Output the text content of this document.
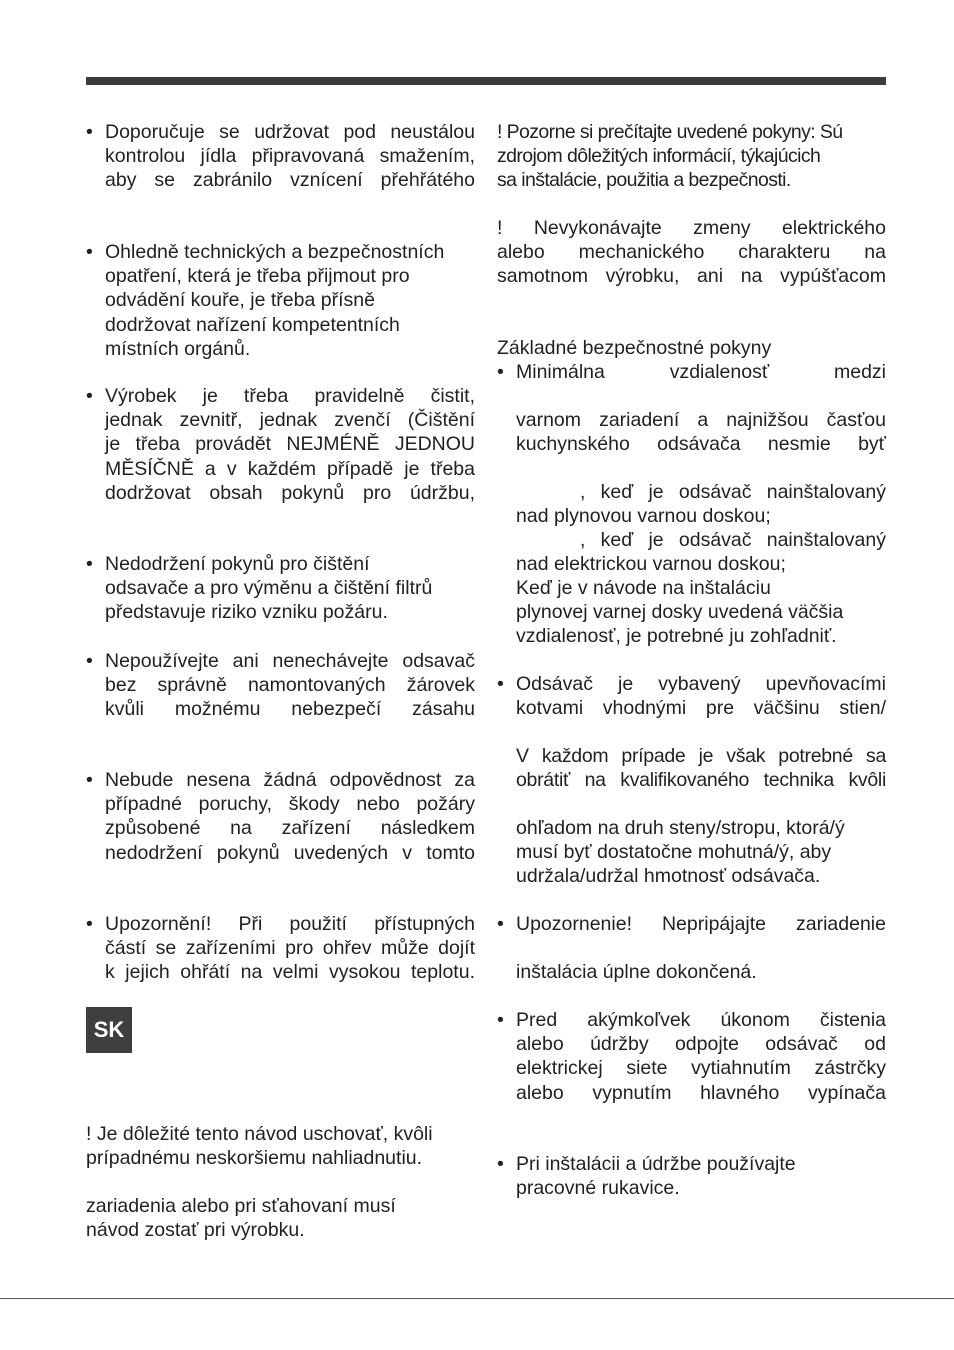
• Doporučuje se udržovat pod neustálou
kontrolou jídla připravovaná smažením,
aby se zabránilo vznícení přehřátého
• Ohledně technických a bezpečnostních
opatření, která je třeba přijmout pro
odvádění kouře, je třeba přísně
dodržovat nařízení kompetentních
místních orgánů.
• Výrobek je třeba pravidelně čistit,
jednak zevnitř, jednak zvenčí (Čištění
je třeba provádět NEJMÉNĚ JEDNOU
MĚSÍČNĚ a v každém případě je třeba
dodržovat obsah pokynů pro údržbu,
• Nedodržení pokynů pro čištění
odsavače a pro výměnu a čištění filtrů
představuje riziko vzniku požáru.
• Nepoužívejte ani nenechávejte odsavač
bez správně namontovaných žárovek
kvůli možnému nebezpečí zásahu
• Nebude nesena žádná odpovědnost za
případné poruchy, škody nebo požáry
způsobené na zařízení následkem
nedodržení pokynů uvedených v tomto
• Upozornění! Při použití přístupných
částí se zařízeními pro ohřev může dojít
k jejich ohřátí na velmi vysokou teplotu.
! Je dôležité tento návod uschovať, kvôli
prípadnému neskoršiemu nahliadnutiu.
zariadenia alebo pri sťahovaní musí
návod zostať pri výrobku.
SK
! Pozorne si prečítajte uvedené pokyny: Sú
zdrojom dôležitých informácií, týkajúcich
sa inštalácie, použitia a bezpečnosti.
! Nevykonávajte zmeny elektrického
alebo mechanického charakteru na
samotnom výrobku, ani na vypúšťacom
Základné bezpečnostné pokyny
• Minimálna vzdialenosť medzi
varnom zariadení a najnižšou časťou
kuchynského odsávača nesmie byť
, keď je odsávač nainštalovaný
nad plynovou varnou doskou;
, keď je odsávač nainštalovaný
nad elektrickou varnou doskou;
Keď je v návode na inštaláciu
plynovej varnej dosky uvedená väčšia
vzdialenosť, je potrebné ju zohľadniť.
• Odsávač je vybavený upevňovacími
kotvami vhodnými pre väčšinu stien/
V každom prípade je však potrebné sa
obrátiť na kvalifikovaného technika kvôli
ohľadom na druh steny/stropu, ktorá/ý
musí byť dostatočne mohutná/ý, aby
udržala/udržal hmotnosť odsávača.
• Upozornenie! Nepripájajte zariadenie
inštalácia úplne dokončená.
• Pred akýmkoľvek úkonom čistenia
alebo údržby odpojte odsávač od
elektrickej siete vytiahnutím zástrčky
alebo vypnutím hlavného vypínača
• Pri inštalácii a údržbe používajte
pracovné rukavice.
